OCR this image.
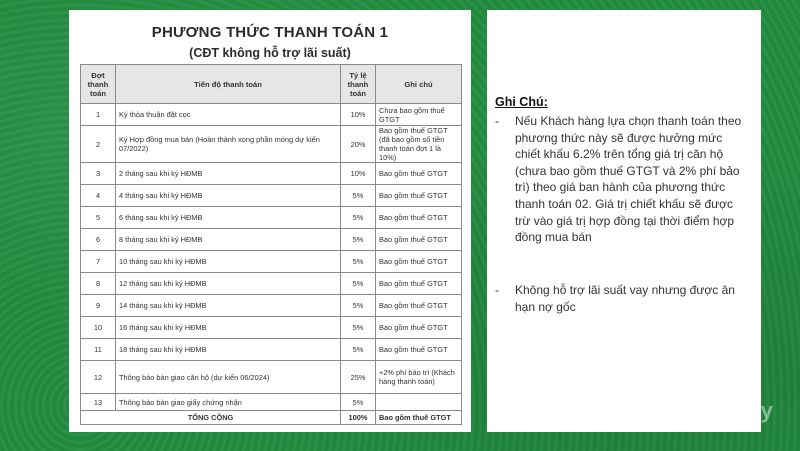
PHƯƠNG THỨC THANH TOÁN 1
(CĐT không hỗ trợ lãi suất)
Đợt thanh toán	Tiến độ thanh toán	Tỷ lệ thanh toán	Ghi chú
1	Ký thỏa thuận đặt cọc	10%	Chưa bao gồm thuế GTGT
2	Ký Hợp đồng mua bán (Hoàn thành xong phần móng dự kiến 07/2022)	20%	Bao gồm thuế GTGT (đã bao gồm số tiền thanh toán đợt 1 là 10%)
3	2 tháng sau khi ký HĐMB	10%	Bao gồm thuế GTGT
4	4 tháng sau khi ký HĐMB	5%	Bao gồm thuế GTGT
5	6 tháng sau khi ký HĐMB	5%	Bao gồm thuế GTGT
6	8 tháng sau khi ký HĐMB	5%	Bao gồm thuế GTGT
7	10 tháng sau khi ký HĐMB	5%	Bao gồm thuế GTGT
8	12 tháng sau khi ký HĐMB	5%	Bao gồm thuế GTGT
9	14 tháng sau khi ký HĐMB	5%	Bao gồm thuế GTGT
10	16 tháng sau khi ký HĐMB	5%	Bao gồm thuế GTGT
11	18 tháng sau khi ký HĐMB	5%	Bao gồm thuế GTGT
12	Thông báo bàn giao căn hộ (dự kiến 06/2024)	25%	+2% phí bảo trì (Khách hàng thanh toán)
13	Thông báo bàn giao giấy chứng nhận	5%	
TỔNG CỘNG		100%	Bao gồm thuế GTGT
Ghi Chú:
- Nếu Khách hàng lựa chọn thanh toán theo phương thức này sẽ được hưởng mức chiết khấu 6.2% trên tổng giá trị căn hộ (chưa bao gồm thuế GTGT và 2% phí bảo trì) theo giá ban hành của phương thức thanh toán 02. Giá trị chiết khấu sẽ được trừ vào giá trị hợp đồng tại thời điểm hợp đồng mua bán
- Không hỗ trợ lãi suất vay nhưng được ân hạn nợ gốc
edy
home
